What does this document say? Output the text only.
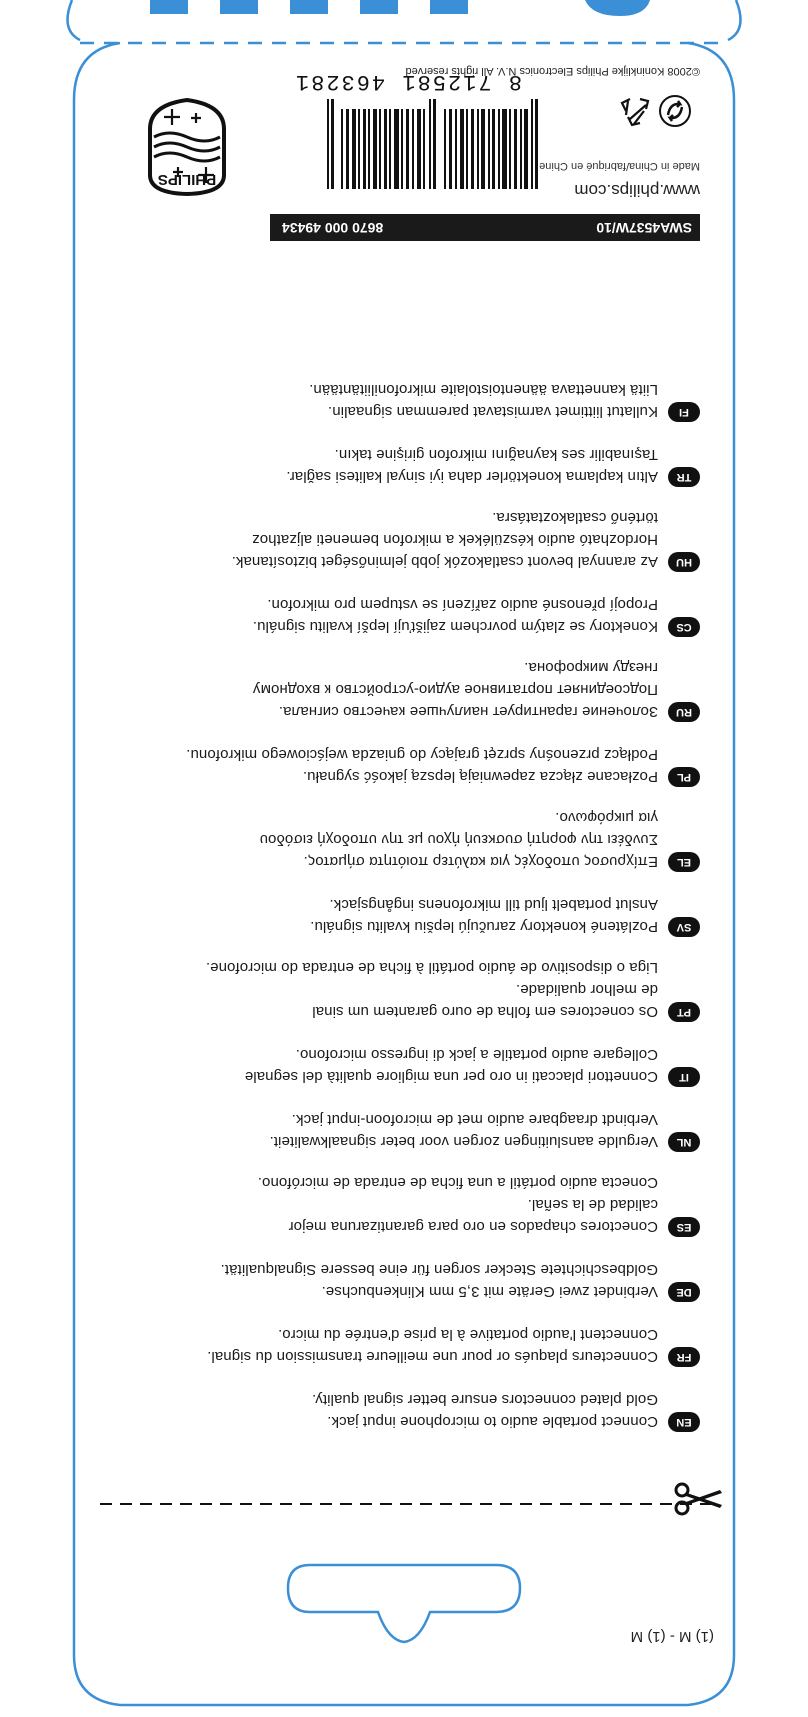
(1) M - (1) M
EN
Connect portable audio to microphone input jack.
Gold plated connectors ensure better signal quality.
FR
Connecteurs plaqués or pour une meilleure transmission du signal.
Connectent l'audio portative à la prise d'entrée du micro.
DE
Verbindet zwei Geräte mit 3,5 mm Klinkenbuchse.
Goldbeschichtete Stecker sorgen für eine bessere Signalqualität.
ES
Conectores chapados en oro para garantizaruna mejor
calidad de la señal.
Conecta audio portátil a una ficha de entrada de micrófono.
NL
Vergulde aansluitingen zorgen voor beter signaalkwaliteit.
Verbindt draagbare audio met de microfoon-input jack.
IT
Connettori placcati in oro per una migliore qualità del segnale
Collegare audio portatile a jack di ingresso microfono.
PT
Os conectores em folha de ouro garantem um sinal
de melhor qualidade.
Liga o dispositivo de áudio portátil à ficha de entrada do microfone.
SV
Pozlátené konektory zaručujú lepšiu kvalitu signálu.
Anslut portabelt ljud till mikrofonens ingångsjack.
EL
Επίχρυσος υποδοχές για καλύτερ ποιότητα σήματος.
Συνδέει την φορητή συσκευή ήχου με την υποδοχή εισόδου
για μικρόφωνο.
PL
Pozłacane złącza zapewniają lepszą jakość sygnału.
Podłącz przenośny sprzęt grający do gniazda wejściowego mikrofonu.
RU
Золочение гарантирует наилучшее качество сигнала.
Подсоединяет портативное аудио-устройство к входному
гнезду микрофона.
CS
Konektory se zlatým povrchem zajišťují lepší kvalitu signálu.
Propojí přenosné audio zařízení se vstupem pro mikrofon.
HU
Az arannyal bevont csatlakozók jobb jelminőséget biztosítanak.
Hordozható audio készülékek a mikrofon bemeneti aljzathoz
történő csatlakoztatásra.
TR
Altın kaplama konektörler daha iyi sinyal kalitesi sağlar.
Taşınabilir ses kaynağını mikrofon girişine takın.
FI
Kullatut liittimet varmistavat paremman signaalin.
Liitä kannettava äänentoistolaite mikrofoniliitäntään.
SWA4537W/10
8670 000 49434
www.philips.com
Made in China/fabriqué en Chine
©2008 Koninklijke Philips Electronics N.V. All rights reserved
8 712581 463281
PHILIPS
